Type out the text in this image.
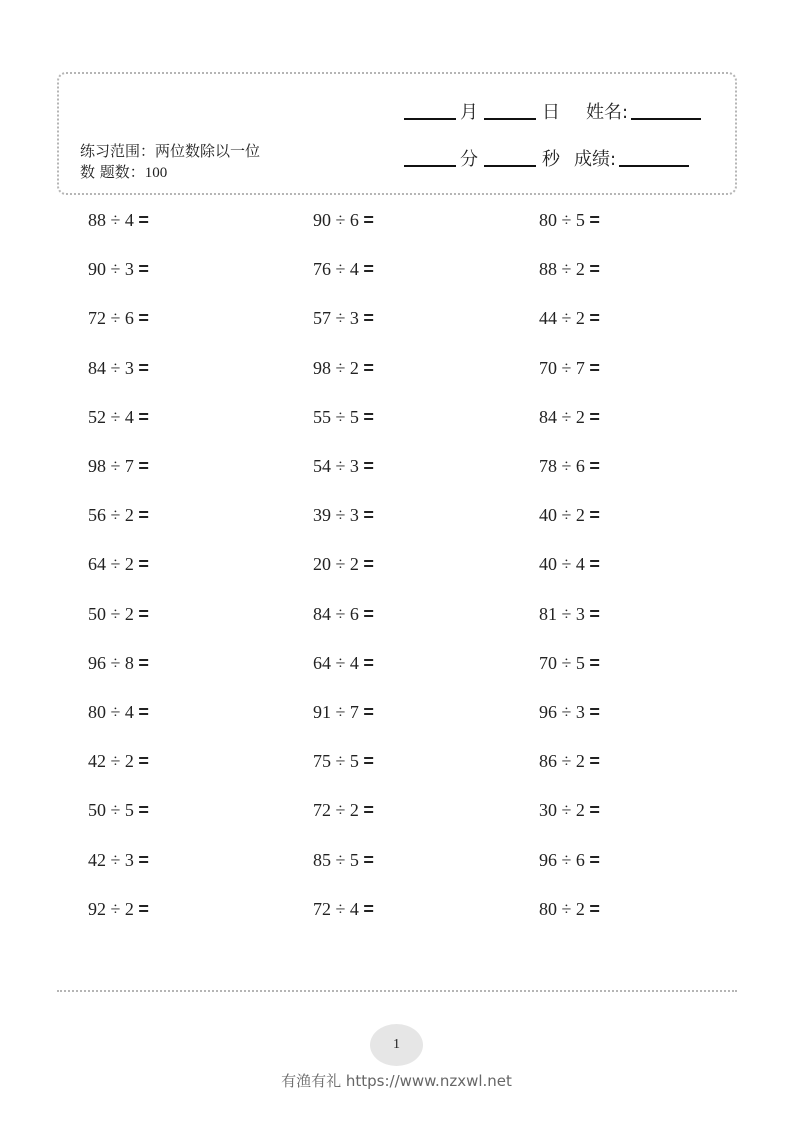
练习范围：两位数除以一位
数 题数：100
月	日 姓名:
分	秒 成绩:
88 ÷ 4 =	90 ÷ 6 =	80 ÷ 5 =
90 ÷ 3 =	76 ÷ 4 =	88 ÷ 2 =
72 ÷ 6 =	57 ÷ 3 =	44 ÷ 2 =
84 ÷ 3 =	98 ÷ 2 =	70 ÷ 7 =
52 ÷ 4 =	55 ÷ 5 =	84 ÷ 2 =
98 ÷ 7 =	54 ÷ 3 =	78 ÷ 6 =
56 ÷ 2 =	39 ÷ 3 =	40 ÷ 2 =
64 ÷ 2 =	20 ÷ 2 =	40 ÷ 4 =
50 ÷ 2 =	84 ÷ 6 =	81 ÷ 3 =
96 ÷ 8 =	64 ÷ 4 =	70 ÷ 5 =
80 ÷ 4 =	91 ÷ 7 =	96 ÷ 3 =
42 ÷ 2 =	75 ÷ 5 =	86 ÷ 2 =
50 ÷ 5 =	72 ÷ 2 =	30 ÷ 2 =
42 ÷ 3 =	85 ÷ 5 =	96 ÷ 6 =
92 ÷ 2 =	72 ÷ 4 =	80 ÷ 2 =
1
有渔有礼 https://www.nzxwl.net
